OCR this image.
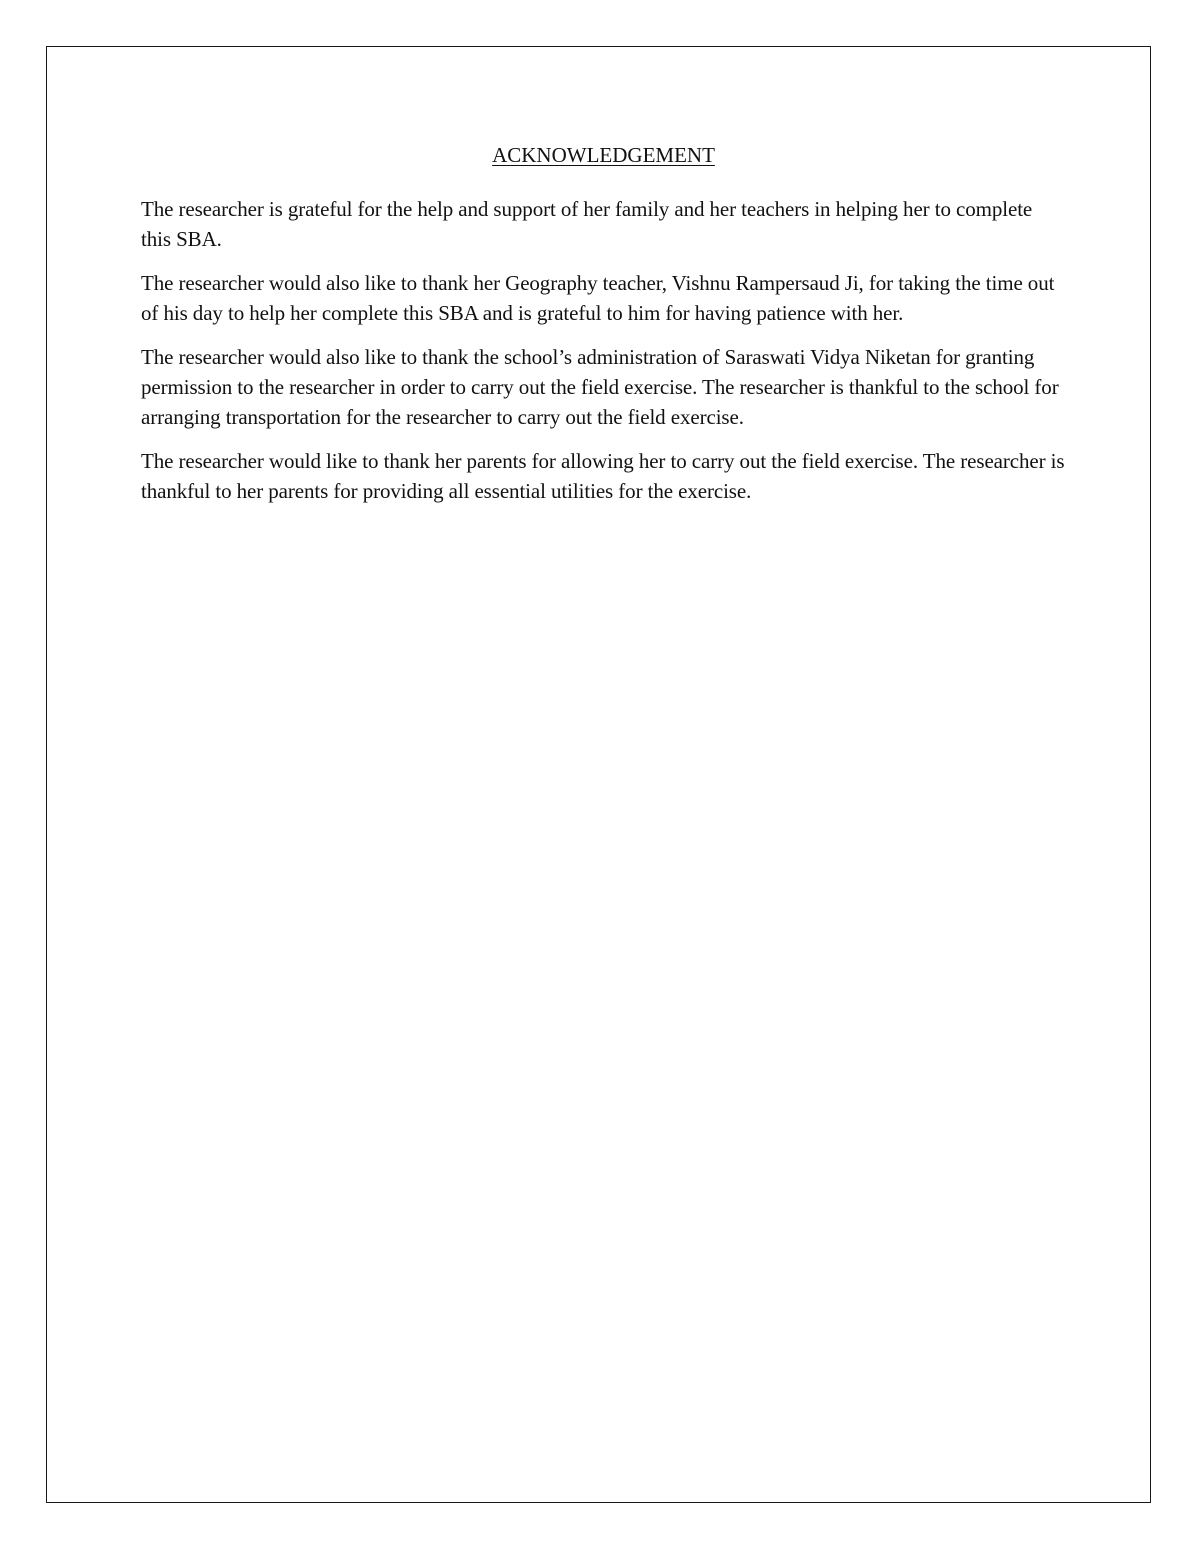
ACKNOWLEDGEMENT

The researcher is grateful for the help and support of her family and her teachers in helping her to complete this SBA.

The researcher would also like to thank her Geography teacher, Vishnu Rampersaud Ji, for taking the time out of his day to help her complete this SBA and is grateful to him for having patience with her.

The researcher would also like to thank the school’s administration of Saraswati Vidya Niketan for granting permission to the researcher in order to carry out the field exercise. The researcher is thankful to the school for arranging transportation for the researcher to carry out the field exercise.

The researcher would like to thank her parents for allowing her to carry out the field exercise. The researcher is thankful to her parents for providing all essential utilities for the exercise.
